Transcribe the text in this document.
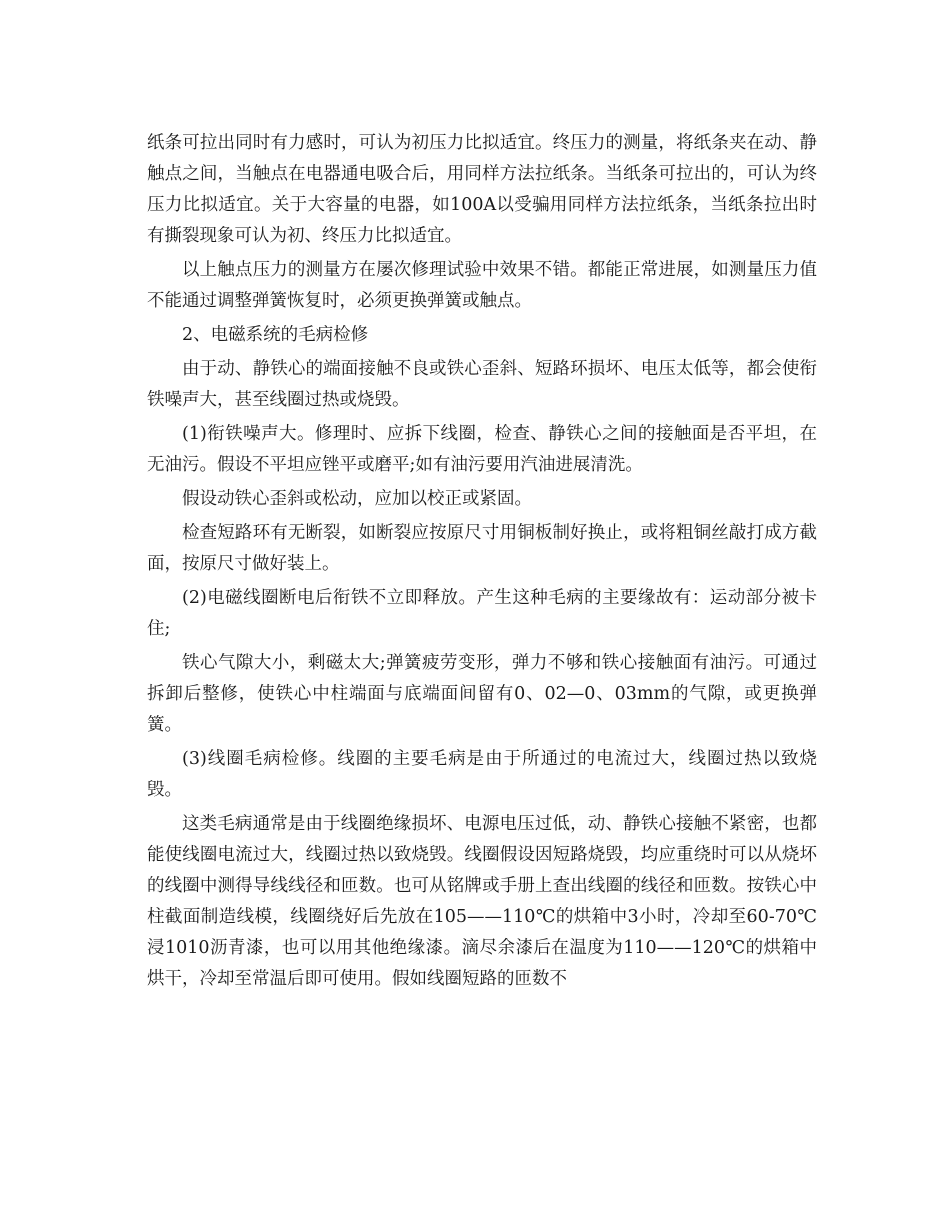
纸条可拉出同时有力感时，可认为初压力比拟适宜。终压力的测量，将纸条夹在动、静触点之间，当触点在电器通电吸合后，用同样方法拉纸条。当纸条可拉出的，可认为终压力比拟适宜。关于大容量的电器，如100A以受骗用同样方法拉纸条，当纸条拉出时有撕裂现象可认为初、终压力比拟适宜。

以上触点压力的测量方在屡次修理试验中效果不错。都能正常进展，如测量压力值不能通过调整弹簧恢复时，必须更换弹簧或触点。

2、电磁系统的毛病检修

由于动、静铁心的端面接触不良或铁心歪斜、短路环损坏、电压太低等，都会使衔铁噪声大，甚至线圈过热或烧毁。

(1)衔铁噪声大。修理时、应拆下线圈，检查、静铁心之间的接触面是否平坦，在无油污。假设不平坦应锉平或磨平;如有油污要用汽油进展清洗。

假设动铁心歪斜或松动，应加以校正或紧固。

检查短路环有无断裂，如断裂应按原尺寸用铜板制好换止，或将粗铜丝敲打成方截面，按原尺寸做好装上。

(2)电磁线圈断电后衔铁不立即释放。产生这种毛病的主要缘故有：运动部分被卡住;

铁心气隙大小，剩磁太大;弹簧疲劳变形，弹力不够和铁心接触面有油污。可通过拆卸后整修，使铁心中柱端面与底端面间留有0、02—0、03mm的气隙，或更换弹簧。

(3)线圈毛病检修。线圈的主要毛病是由于所通过的电流过大，线圈过热以致烧毁。

这类毛病通常是由于线圈绝缘损坏、电源电压过低，动、静铁心接触不紧密，也都能使线圈电流过大，线圈过热以致烧毁。线圈假设因短路烧毁，均应重绕时可以从烧坏的线圈中测得导线线径和匝数。也可从铭牌或手册上查出线圈的线径和匝数。按铁心中柱截面制造线模，线圈绕好后先放在105——110℃的烘箱中3小时，冷却至60-70℃浸1010沥青漆，也可以用其他绝缘漆。滴尽余漆后在温度为110——120℃的烘箱中烘干，冷却至常温后即可使用。假如线圈短路的匝数不
